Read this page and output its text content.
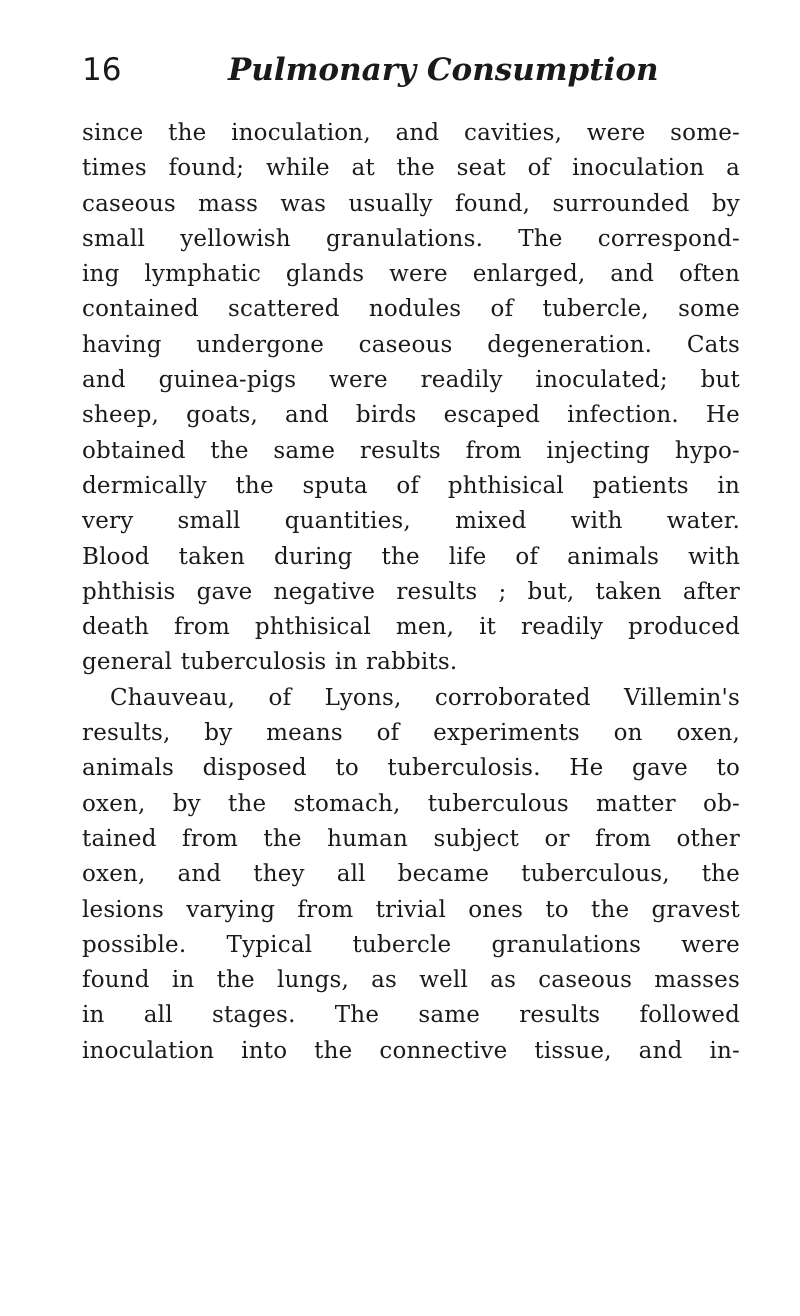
16	Pulmonary Consumption
since the inoculation, and cavities, were some-
times found; while at the seat of inoculation a
caseous mass was usually found, surrounded by
small yellowish granulations. The correspond-
ing lymphatic glands were enlarged, and often
contained scattered nodules of tubercle, some
having undergone caseous degeneration. Cats
and guinea-pigs were readily inoculated; but
sheep, goats, and birds escaped infection. He
obtained the same results from injecting hypo-
dermically the sputa of phthisical patients in
very small quantities, mixed with water.
Blood taken during the life of animals with
phthisis gave negative results ; but, taken after
death from phthisical men, it readily produced
general tuberculosis in rabbits.
Chauveau, of Lyons, corroborated Villemin's
results, by means of experiments on oxen,
animals disposed to tuberculosis. He gave to
oxen, by the stomach, tuberculous matter ob-
tained from the human subject or from other
oxen, and they all became tuberculous, the
lesions varying from trivial ones to the gravest
possible. Typical tubercle granulations were
found in the lungs, as well as caseous masses
in all stages. The same results followed
inoculation into the connective tissue, and in-
